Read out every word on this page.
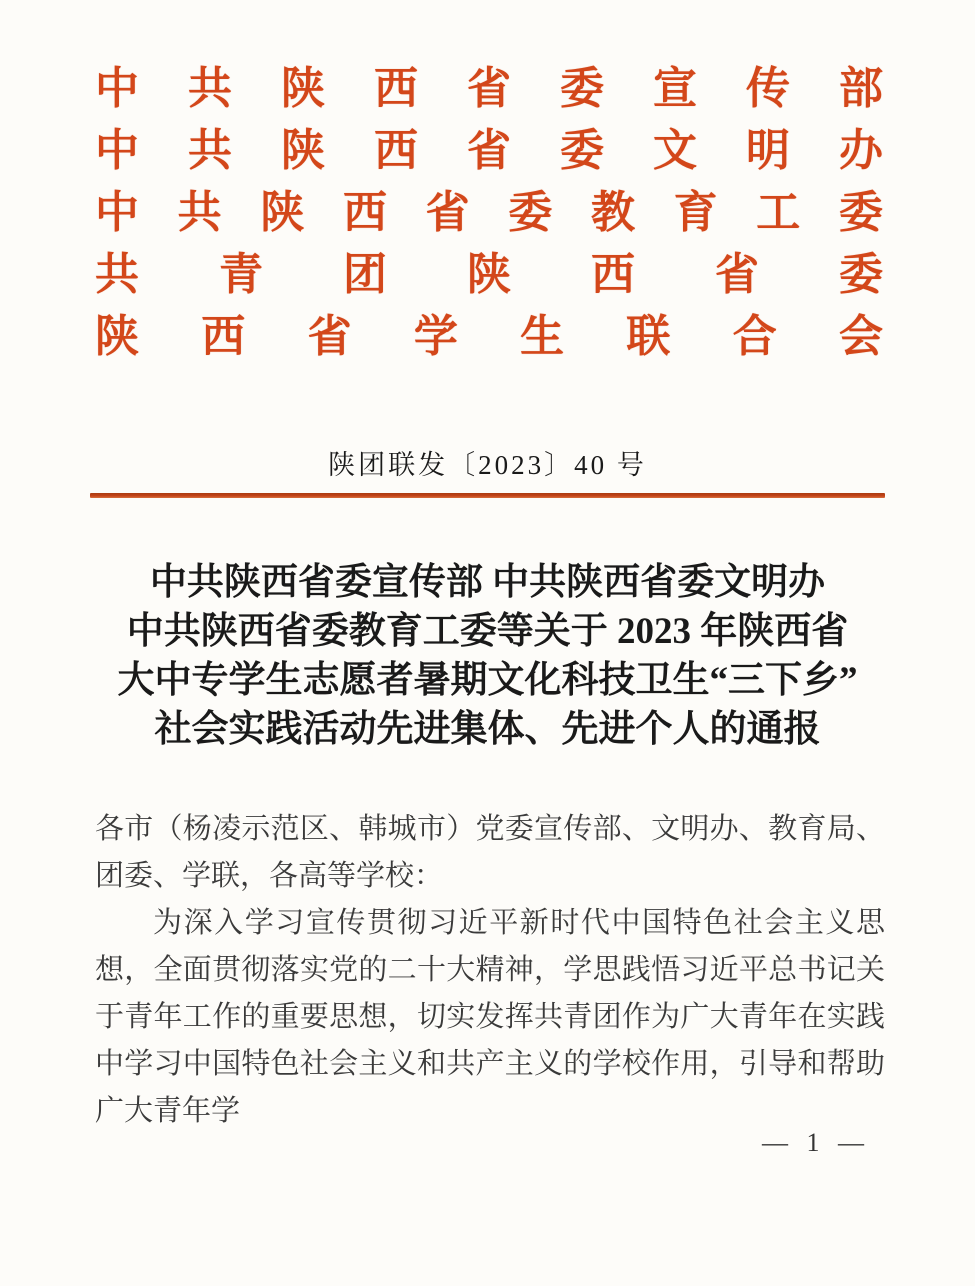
中 共 陕 西 省 委 宣 传 部
中 共 陕 西 省 委 文 明 办
中 共 陕 西 省 委 教 育 工 委
共 青 团 陕 西 省 委
陕 西 省 学 生 联 合 会
陕团联发〔2023〕40 号
中共陕西省委宣传部 中共陕西省委文明办
中共陕西省委教育工委等关于 2023 年陕西省
大中专学生志愿者暑期文化科技卫生“三下乡”
社会实践活动先进集体、先进个人的通报
各市（杨凌示范区、韩城市）党委宣传部、文明办、教育局、团委、学联，各高等学校：
为深入学习宣传贯彻习近平新时代中国特色社会主义思想，全面贯彻落实党的二十大精神，学思践悟习近平总书记关于青年工作的重要思想，切实发挥共青团作为广大青年在实践中学习中国特色社会主义和共产主义的学校作用，引导和帮助广大青年学
— 1 —
